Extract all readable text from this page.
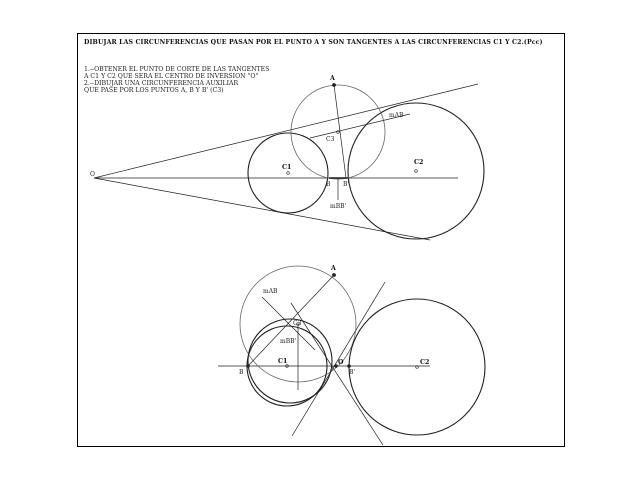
DIBUJAR LAS CIRCUNFERENCIAS QUE PASAN POR EL PUNTO A Y SON TANGENTES A LAS CIRCUNFERENCIAS C1 Y C2.(Pcc)
1.--OBTENER EL PUNTO DE CORTE DE LAS TANGENTES
A C1 Y C2 QUE SERA EL CENTRO DE INVERSION "O"
2.--DIBUJAR UNA CIRCUNFERENCIA AUXILIAR
QUE PASE POR LOS PUNTOS A, B Y B' (C3)
O
A
C1
C2
C3
B B'
mAB
mBB'
A
mAB
C3
mBB'
C1	O
B	B'
C2
